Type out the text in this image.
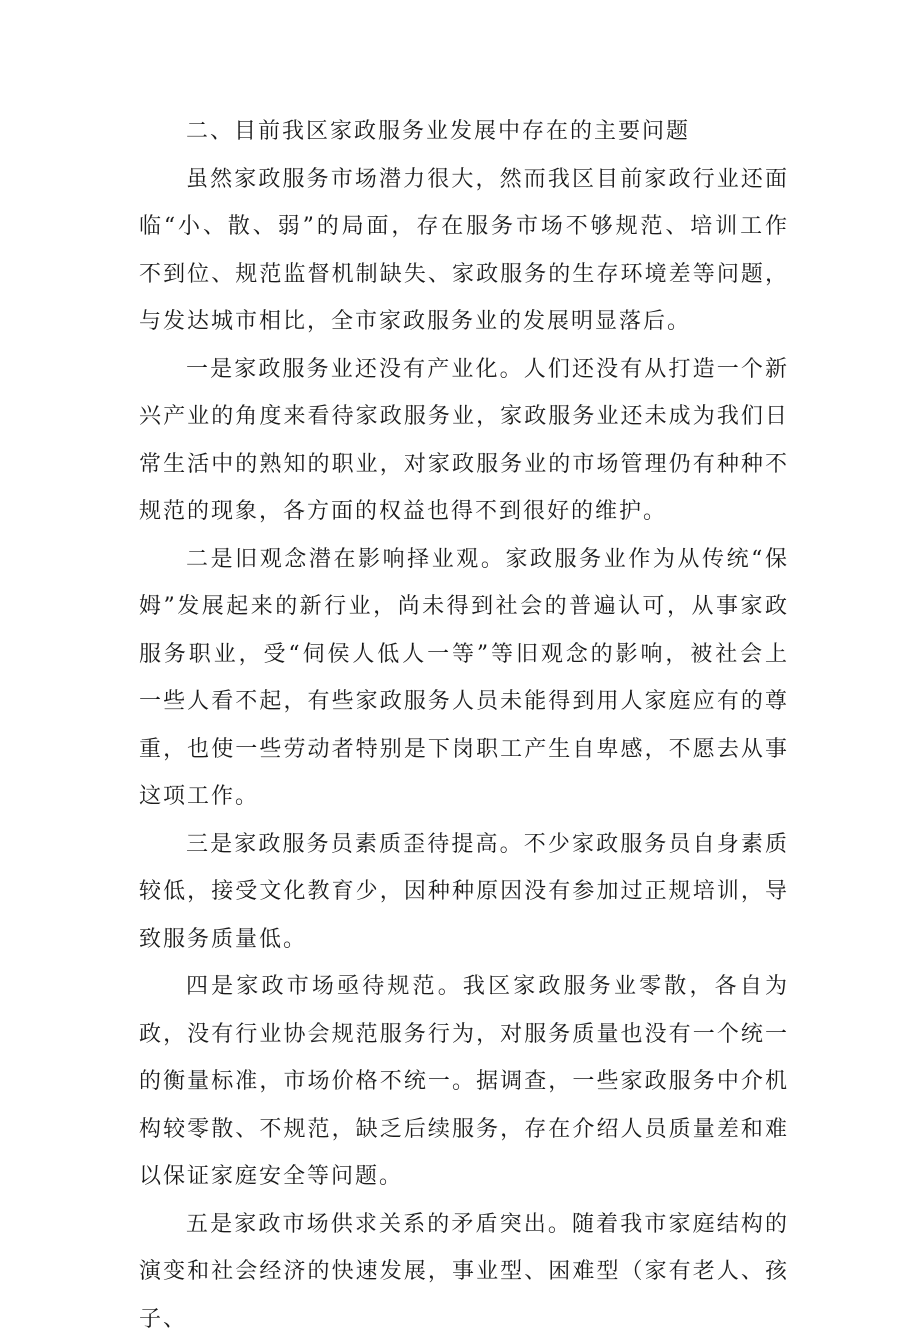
二、目前我区家政服务业发展中存在的主要问题

虽然家政服务市场潜力很大，然而我区目前家政行业还面临“小、散、弱”的局面，存在服务市场不够规范、培训工作不到位、规范监督机制缺失、家政服务的生存环境差等问题，与发达城市相比，全市家政服务业的发展明显落后。

一是家政服务业还没有产业化。人们还没有从打造一个新兴产业的角度来看待家政服务业，家政服务业还未成为我们日常生活中的熟知的职业，对家政服务业的市场管理仍有种种不规范的现象，各方面的权益也得不到很好的维护。

二是旧观念潜在影响择业观。家政服务业作为从传统“保姆”发展起来的新行业，尚未得到社会的普遍认可，从事家政服务职业，受“伺侯人低人一等”等旧观念的影响，被社会上一些人看不起，有些家政服务人员未能得到用人家庭应有的尊重，也使一些劳动者特别是下岗职工产生自卑感，不愿去从事这项工作。

三是家政服务员素质歪待提高。不少家政服务员自身素质较低，接受文化教育少，因种种原因没有参加过正规培训，导致服务质量低。

四是家政市场亟待规范。我区家政服务业零散，各自为政，没有行业协会规范服务行为，对服务质量也没有一个统一的衡量标准，市场价格不统一。据调查，一些家政服务中介机构较零散、不规范，缺乏后续服务，存在介绍人员质量差和难以保证家庭安全等问题。

五是家政市场供求关系的矛盾突出。随着我市家庭结构的演变和社会经济的快速发展，事业型、困难型（家有老人、孩子、
